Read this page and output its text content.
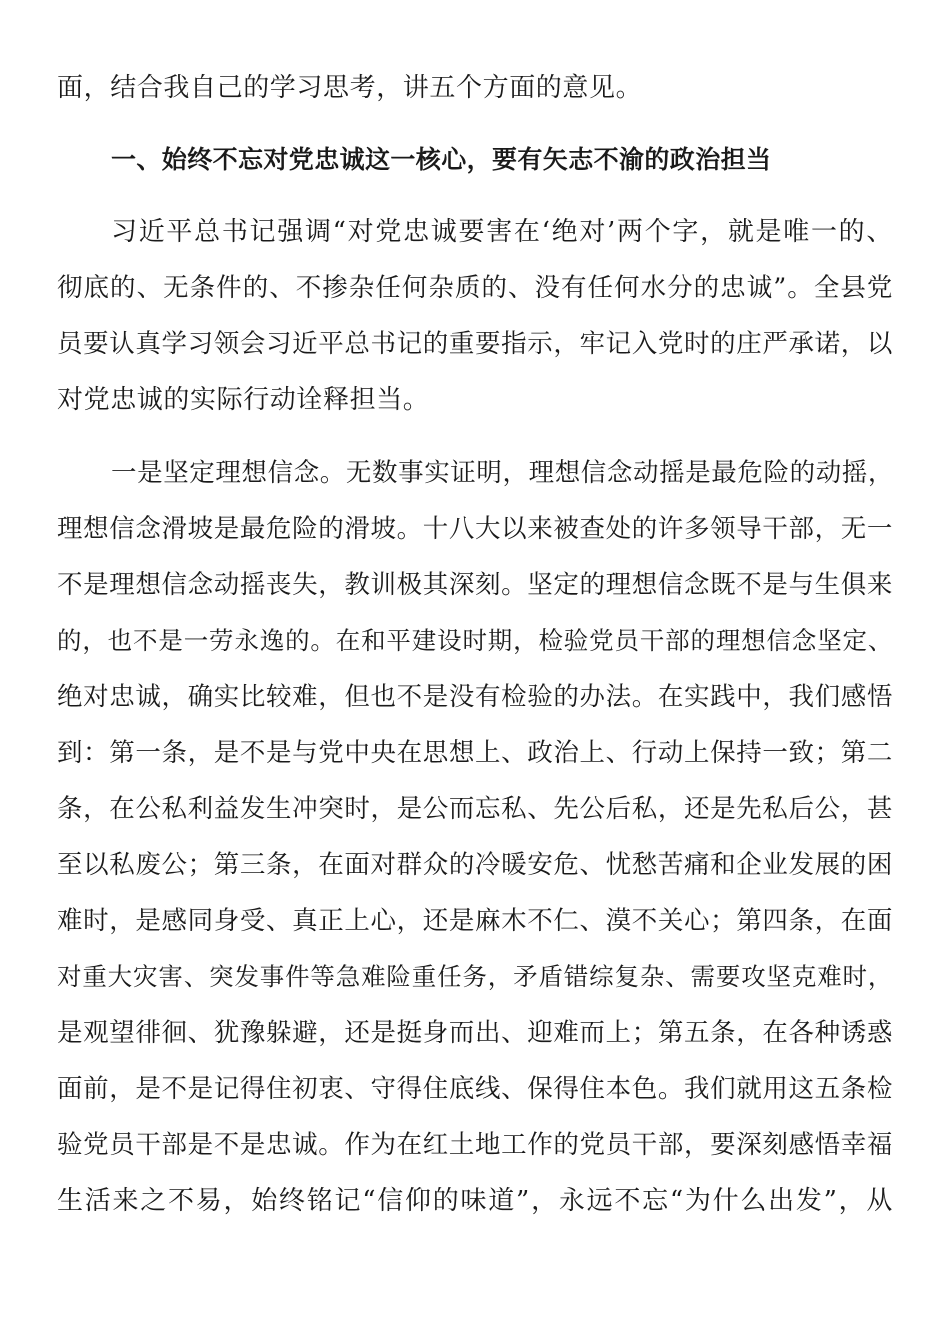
面，结合我自己的学习思考，讲五个方面的意见。
一、始终不忘对党忠诚这一核心，要有矢志不渝的政治担当
习近平总书记强调“对党忠诚要害在‘绝对’两个字，就是唯一的、
彻底的、无条件的、不掺杂任何杂质的、没有任何水分的忠诚”。全县党
员要认真学习领会习近平总书记的重要指示，牢记入党时的庄严承诺，以
对党忠诚的实际行动诠释担当。
一是坚定理想信念。无数事实证明，理想信念动摇是最危险的动摇，
理想信念滑坡是最危险的滑坡。十八大以来被查处的许多领导干部，无一
不是理想信念动摇丧失，教训极其深刻。坚定的理想信念既不是与生俱来
的，也不是一劳永逸的。在和平建设时期，检验党员干部的理想信念坚定、
绝对忠诚，确实比较难，但也不是没有检验的办法。在实践中，我们感悟
到：第一条，是不是与党中央在思想上、政治上、行动上保持一致；第二
条，在公私利益发生冲突时，是公而忘私、先公后私，还是先私后公，甚
至以私废公；第三条，在面对群众的冷暖安危、忧愁苦痛和企业发展的困
难时，是感同身受、真正上心，还是麻木不仁、漠不关心；第四条，在面
对重大灾害、突发事件等急难险重任务，矛盾错综复杂、需要攻坚克难时，
是观望徘徊、犹豫躲避，还是挺身而出、迎难而上；第五条，在各种诱惑
面前，是不是记得住初衷、守得住底线、保得住本色。我们就用这五条检
验党员干部是不是忠诚。作为在红土地工作的党员干部，要深刻感悟幸福
生活来之不易，始终铭记“信仰的味道”，永远不忘“为什么出发”，从
